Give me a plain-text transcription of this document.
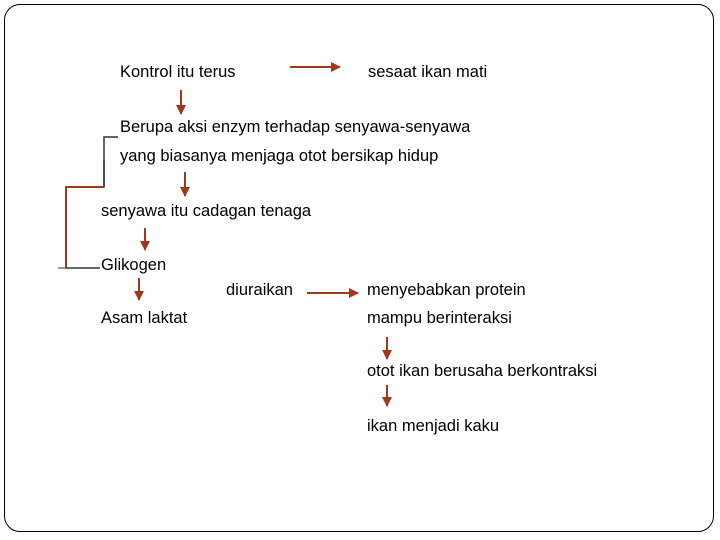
Kontrol itu terus	sesaat ikan mati
Berupa aksi enzym terhadap senyawa-senyawa
yang biasanya menjaga otot bersikap hidup
senyawa itu cadagan tenaga
Glikogen
diuraikan
Asam laktat
menyebabkan protein
mampu berinteraksi
otot ikan berusaha berkontraksi
ikan menjadi kaku
